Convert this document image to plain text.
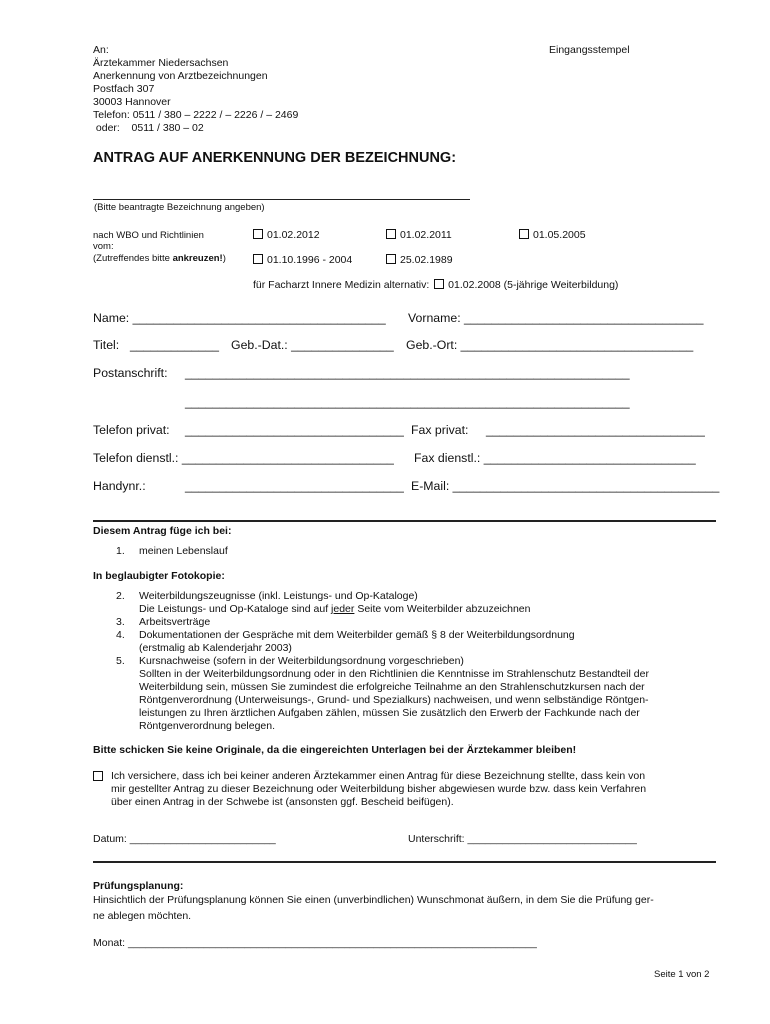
An:
Ärztekammer Niedersachsen
Anerkennung von Arztbezeichnungen
Postfach 307
30003 Hannover
Telefon: 0511 / 380 – 2222 / – 2226 / – 2469
oder:    0511 / 380 – 02
Eingangsstempel
ANTRAG AUF ANERKENNUNG DER BEZEICHNUNG:
(Bitte beantragte Bezeichnung angeben)
nach WBO und Richtlinien
vom:
(Zutreffendes bitte ankreuzen!)
01.02.2012	01.02.2011	01.05.2005
01.10.1996 - 2004	25.02.1989
für Facharzt Innere Medizin alternativ: 01.02.2008 (5-jährige Weiterbildung)
Name: _____________________________________ Vorname: ___________________________________
Titel: _____________ Geb.-Dat.: _______________ Geb.-Ort: __________________________________
Postanschrift: _________________________________________________________________
_________________________________________________________________
Telefon privat: ________________________________ Fax privat: ________________________________
Telefon dienstl.: _______________________________ Fax dienstl.: _______________________________
Handynr.:	________________________________ E-Mail: _______________________________________
Diesem Antrag füge ich bei:
1. meinen Lebenslauf
In beglaubigter Fotokopie:
2. Weiterbildungszeugnisse (inkl. Leistungs- und Op-Kataloge)
Die Leistungs- und Op-Kataloge sind auf jeder Seite vom Weiterbilder abzuzeichnen
3. Arbeitsverträge
4. Dokumentationen der Gespräche mit dem Weiterbilder gemäß § 8 der Weiterbildungsordnung
(erstmalig ab Kalenderjahr 2003)
5. Kursnachweise (sofern in der Weiterbildungsordnung vorgeschrieben)
Sollten in der Weiterbildungsordnung oder in den Richtlinien die Kenntnisse im Strahlenschutz Bestandteil der
Weiterbildung sein, müssen Sie zumindest die erfolgreiche Teilnahme an den Strahlenschutzkursen nach der
Röntgenverordnung (Unterweisungs-, Grund- und Spezialkurs) nachweisen, und wenn selbständige Röntgen-
leistungen zu Ihren ärztlichen Aufgaben zählen, müssen Sie zusätzlich den Erwerb der Fachkunde nach der
Röntgenverordnung belegen.
Bitte schicken Sie keine Originale, da die eingereichten Unterlagen bei der Ärztekammer bleiben!
Ich versichere, dass ich bei keiner anderen Ärztekammer einen Antrag für diese Bezeichnung stellte, dass kein von
mir gestellter Antrag zu dieser Bezeichnung oder Weiterbildung bisher abgewiesen wurde bzw. dass kein Verfahren
über einen Antrag in der Schwebe ist (ansonsten ggf. Bescheid beifügen).
Datum: _________________________	Unterschrift: _____________________________
Prüfungsplanung:
Hinsichtlich der Prüfungsplanung können Sie einen (unverbindlichen) Wunschmonat äußern, in dem Sie die Prüfung ger-
ne ablegen möchten.
Monat: ______________________________________________________________________
Seite 1 von 2
